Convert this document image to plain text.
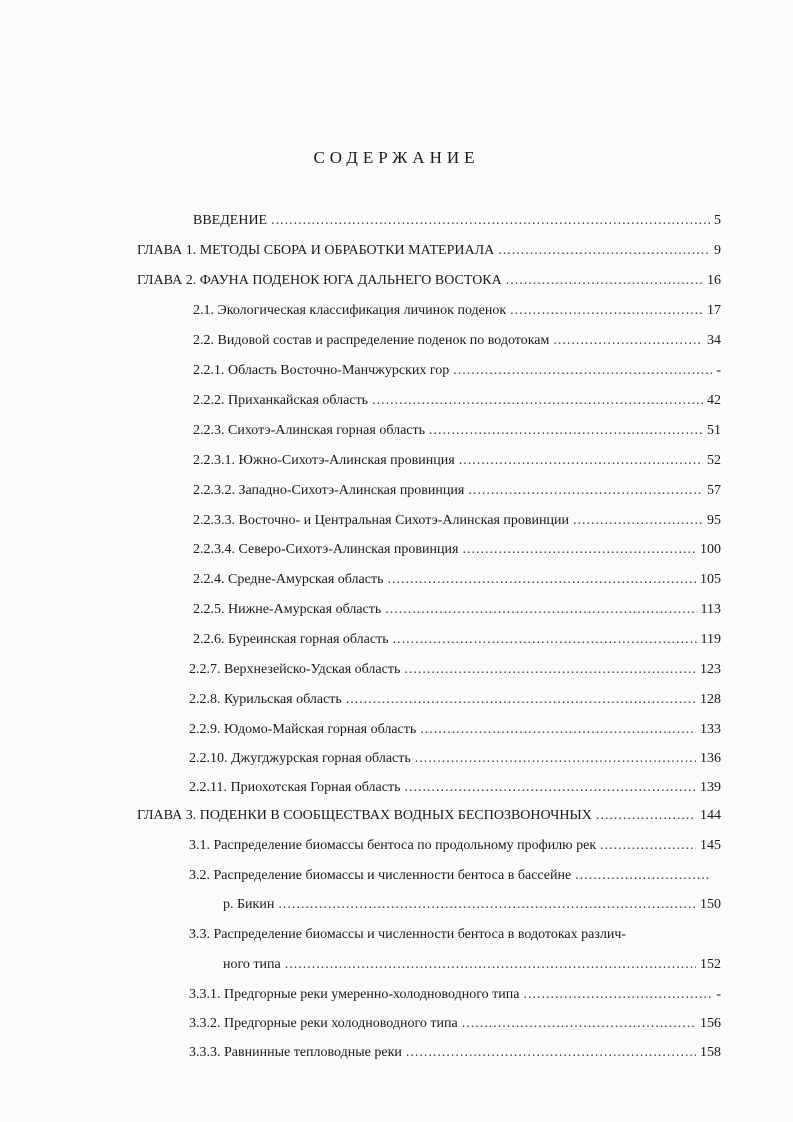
СОДЕРЖАНИЕ
ВВЕДЕНИЕ .....	5
ГЛАВА 1. МЕТОДЫ СБОРА И ОБРАБОТКИ МАТЕРИАЛА .....	9
ГЛАВА 2. ФАУНА ПОДЕНОК ЮГА ДАЛЬНЕГО ВОСТОКА .....	16
2.1. Экологическая классификация личинок поденок .....	17
2.2. Видовой состав и распределение поденок по водотокам .....	34
2.2.1. Область Восточно-Манчжурских гор .....	-
2.2.2. Приханкайская область .....	42
2.2.3. Сихотэ-Алинская горная область .....	51
2.2.3.1. Южно-Сихотэ-Алинская провинция .....	52
2.2.3.2. Западно-Сихотэ-Алинская провинция .....	57
2.2.3.3. Восточно- и Центральная Сихотэ-Алинская провинции .....	95
2.2.3.4. Северо-Сихотэ-Алинская провинция .....	100
2.2.4. Средне-Амурская область .....	105
2.2.5. Нижне-Амурская область .....	113
2.2.6. Буреинская горная область .....	119
2.2.7. Верхнезейско-Удская область .....	123
2.2.8. Курильская область .....	128
2.2.9. Юдомо-Майская горная область .....	133
2.2.10. Джугджурская горная область .....	136
2.2.11. Приохотская Горная область .....	139
ГЛАВА 3. ПОДЕНКИ В СООБЩЕСТВАХ ВОДНЫХ БЕСПОЗВОНОЧНЫХ .....	144
3.1. Распределение биомассы бентоса по продольному профилю рек .....	145
3.2. Распределение биомассы и численности бентоса в бассейне
.....
р. Бикин .....	150
3.3. Распределение биомассы и численности бентоса в водотоках различ-
ного типа .....	152
3.3.1. Предгорные реки умеренно-холодноводного типа .....	-
3.3.2. Предгорные реки холодноводного типа .....	156
3.3.3. Равнинные тепловодные реки .....	158
